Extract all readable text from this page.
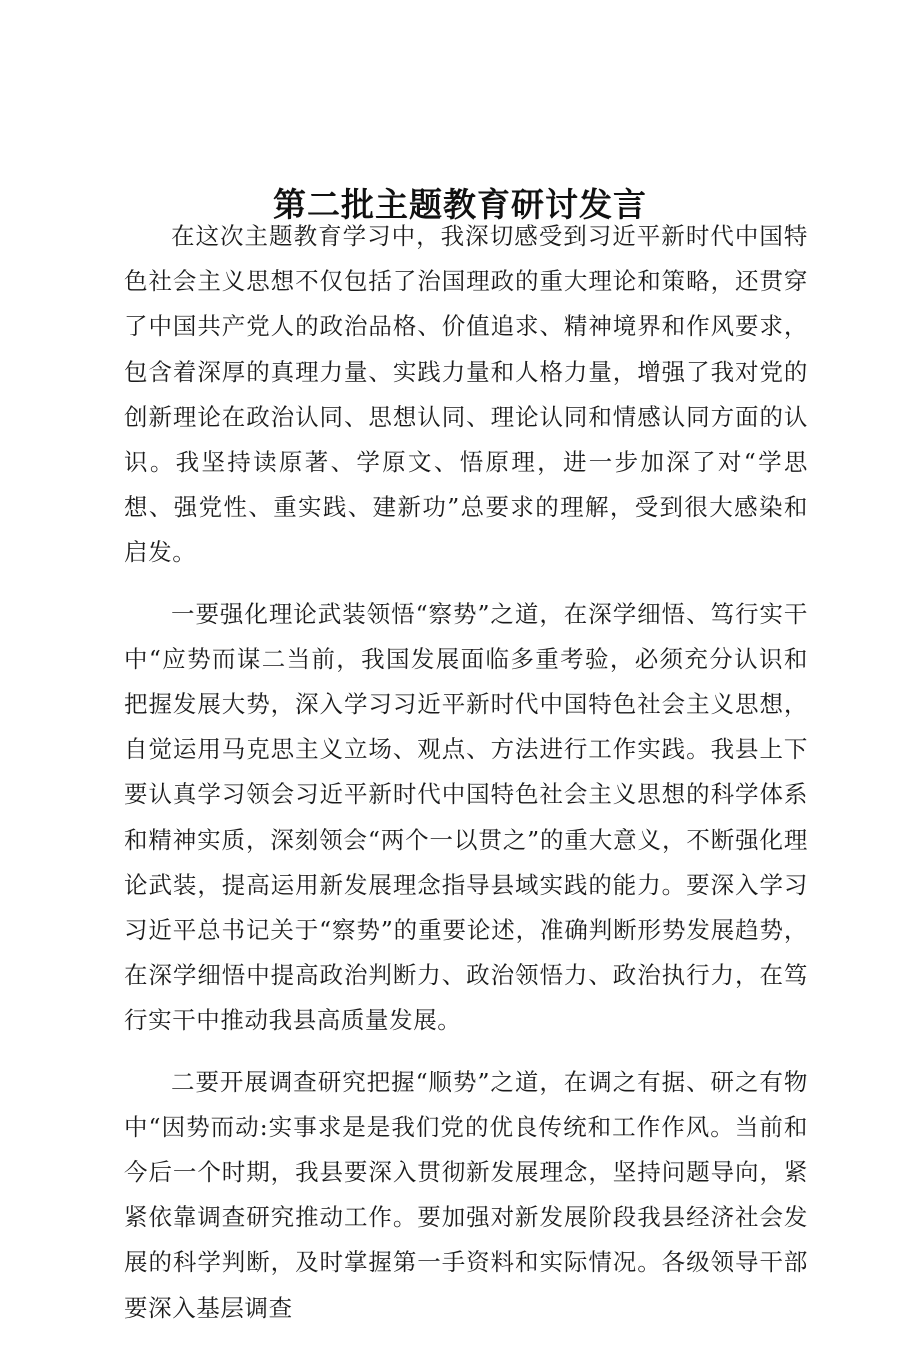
第二批主题教育研讨发言

在这次主题教育学习中，我深切感受到习近平新时代中国特色社会主义思想不仅包括了治国理政的重大理论和策略，还贯穿了中国共产党人的政治品格、价值追求、精神境界和作风要求，包含着深厚的真理力量、实践力量和人格力量，增强了我对党的创新理论在政治认同、思想认同、理论认同和情感认同方面的认识。我坚持读原著、学原文、悟原理，进一步加深了对“学思想、强党性、重实践、建新功”总要求的理解，受到很大感染和启发。

一要强化理论武装领悟“察势”之道，在深学细悟、笃行实干中“应势而谋二当前，我国发展面临多重考验，必须充分认识和把握发展大势，深入学习习近平新时代中国特色社会主义思想，自觉运用马克思主义立场、观点、方法进行工作实践。我县上下要认真学习领会习近平新时代中国特色社会主义思想的科学体系和精神实质，深刻领会“两个一以贯之”的重大意义，不断强化理论武装，提高运用新发展理念指导县域实践的能力。要深入学习习近平总书记关于“察势”的重要论述，准确判断形势发展趋势，在深学细悟中提高政治判断力、政治领悟力、政治执行力，在笃行实干中推动我县高质量发展。

二要开展调查研究把握“顺势”之道，在调之有据、研之有物中“因势而动:实事求是是我们党的优良传统和工作作风。当前和今后一个时期，我县要深入贯彻新发展理念，坚持问题导向，紧紧依靠调查研究推动工作。要加强对新发展阶段我县经济社会发展的科学判断，及时掌握第一手资料和实际情况。各级领导干部要深入基层调查
